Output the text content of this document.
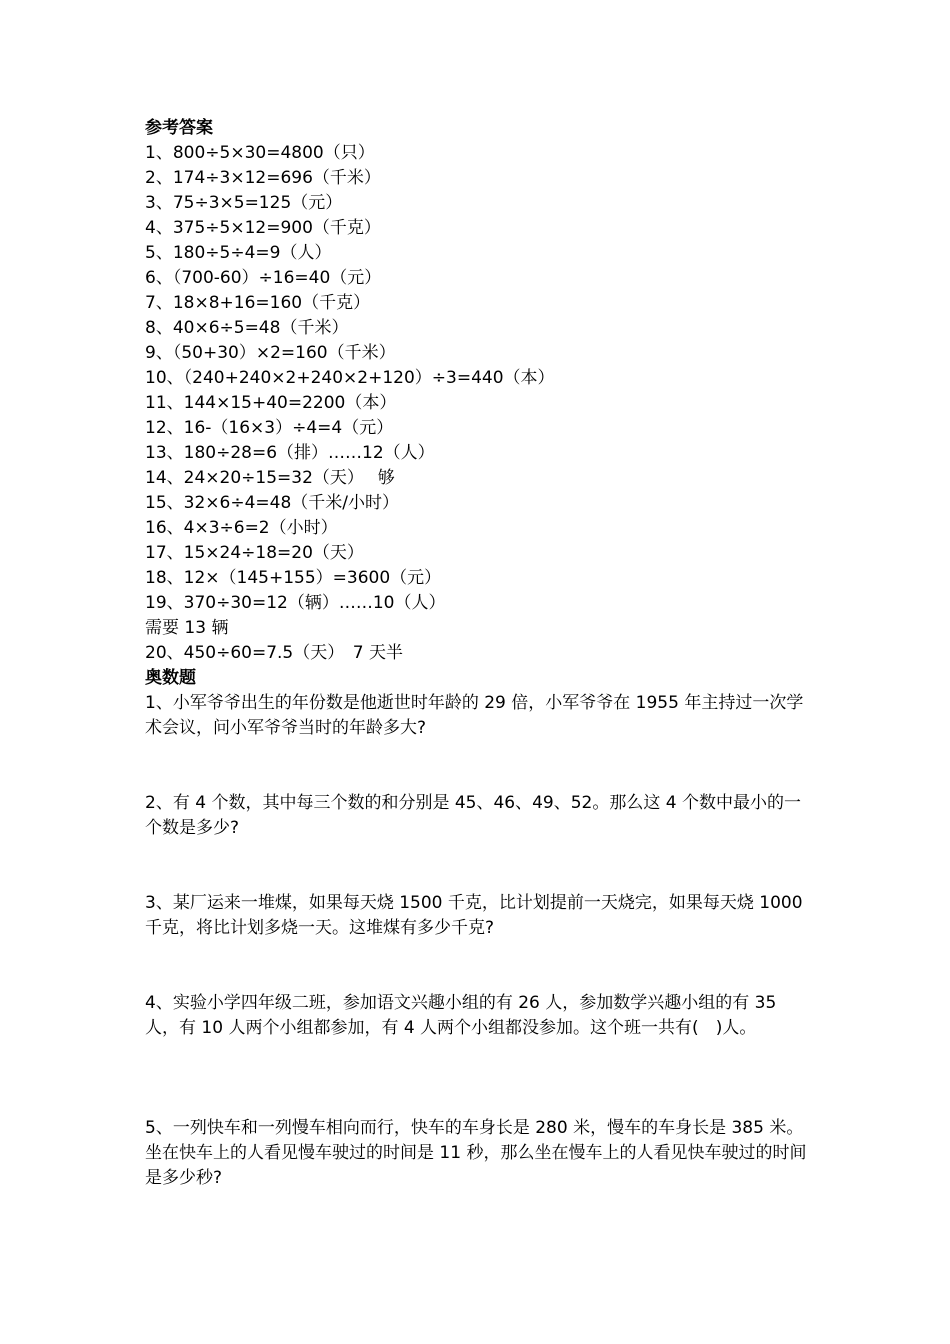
参考答案
1、800÷5×30=4800（只）
2、174÷3×12=696（千米）
3、75÷3×5=125（元）
4、375÷5×12=900（千克）
5、180÷5÷4=9（人）
6、（700-60）÷16=40（元）
7、18×8+16=160（千克）
8、40×6÷5=48（千米）
9、（50+30）×2=160（千米）
10、（240+240×2+240×2+120）÷3=440（本）
11、144×15+40=2200（本）
12、16-（16×3）÷4=4（元）
13、180÷28=6（排）……12（人）
14、24×20÷15=32（天）　 够
15、32×6÷4=48（千米/小时）
16、4×3÷6=2（小时）
17、15×24÷18=20（天）
18、12×（145+155）=3600（元）
19、370÷30=12（辆）……10（人）
需要 13 辆
20、450÷60=7.5（天）　7 天半
奥数题
1、小军爷爷出生的年份数是他逝世时年龄的 29 倍，小军爷爷在 1955 年主持过一次学术会议，问小军爷爷当时的年龄多大?
2、有 4 个数，其中每三个数的和分别是 45、46、49、52。那么这 4 个数中最小的一个数是多少?
3、某厂运来一堆煤，如果每天烧 1500 千克，比计划提前一天烧完，如果每天烧 1000 千克，将比计划多烧一天。这堆煤有多少千克?
4、实验小学四年级二班，参加语文兴趣小组的有 26 人，参加数学兴趣小组的有 35 人，有 10 人两个小组都参加，有 4 人两个小组都没参加。这个班一共有(　)人。
5、一列快车和一列慢车相向而行，快车的车身长是 280 米，慢车的车身长是 385 米。坐在快车上的人看见慢车驶过的时间是 11 秒，那么坐在慢车上的人看见快车驶过的时间是多少秒?
